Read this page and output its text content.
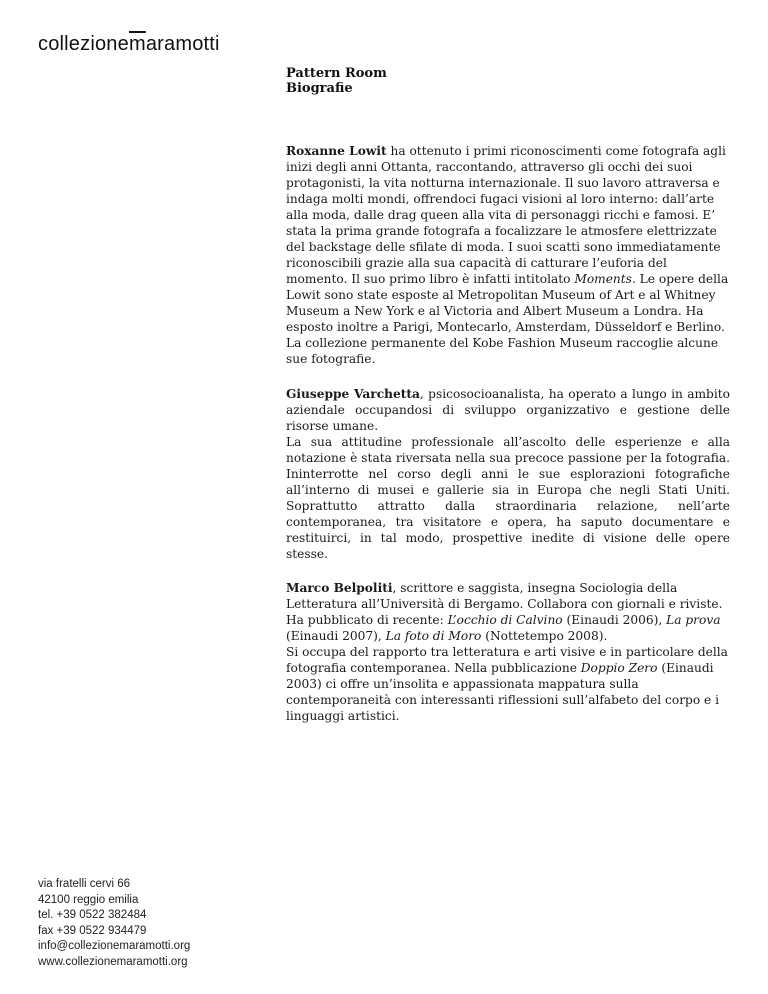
$collezione\overline{m}aramotti$
Pattern Room
Biografie

Roxanne Lowit ha ottenuto i primi riconoscimenti come fotografa agli inizi degli anni Ottanta, raccontando, attraverso gli occhi dei suoi protagonisti, la vita notturna internazionale. Il suo lavoro attraversa e indaga molti mondi, offrendoci fugaci visioni al loro interno: dall’arte alla moda, dalle drag queen alla vita di personaggi ricchi e famosi. E’ stata la prima grande fotografa a focalizzare le atmosfere elettrizzate del backstage delle sfilate di moda. I suoi scatti sono immediatamente riconoscibili grazie alla sua capacità di catturare l’euforia del momento. Il suo primo libro è infatti intitolato Moments. Le opere della Lowit sono state esposte al Metropolitan Museum of Art e al Whitney Museum a New York e al Victoria and Albert Museum a Londra. Ha esposto inoltre a Parigi, Montecarlo, Amsterdam, Düsseldorf e Berlino. La collezione permanente del Kobe Fashion Museum raccoglie alcune sue fotografie.

Giuseppe Varchetta, psicosocioanalista, ha operato a lungo in ambito aziendale occupandosi di sviluppo organizzativo e gestione delle risorse umane.

La sua attitudine professionale all’ascolto delle esperienze e alla notazione è stata riversata nella sua precoce passione per la fotografia. Ininterrotte nel corso degli anni le sue esplorazioni fotografiche all’interno di musei e gallerie sia in Europa che negli Stati Uniti. Soprattutto attratto dalla straordinaria relazione, nell’arte contemporanea, tra visitatore e opera, ha saputo documentare e restituirci, in tal modo, prospettive inedite di visione delle opere stesse.

Marco Belpoliti, scrittore e saggista, insegna Sociologia della Letteratura all’Università di Bergamo. Collabora con giornali e riviste. Ha pubblicato di recente: L’occhio di Calvino (Einaudi 2006), La prova (Einaudi 2007), La foto di Moro (Nottetempo 2008).

Si occupa del rapporto tra letteratura e arti visive e in particolare della fotografia contemporanea. Nella pubblicazione Doppio Zero (Einaudi 2003) ci offre un’insolita e appassionata mappatura sulla contemporaneità con interessanti riflessioni sull’alfabeto del corpo e i linguaggi artistici.

via fratelli cervi 66
42100 reggio emilia
tel. +39 0522 382484
fax +39 0522 934479
info@collezionemaramotti.org
www.collezionemaramotti.org
